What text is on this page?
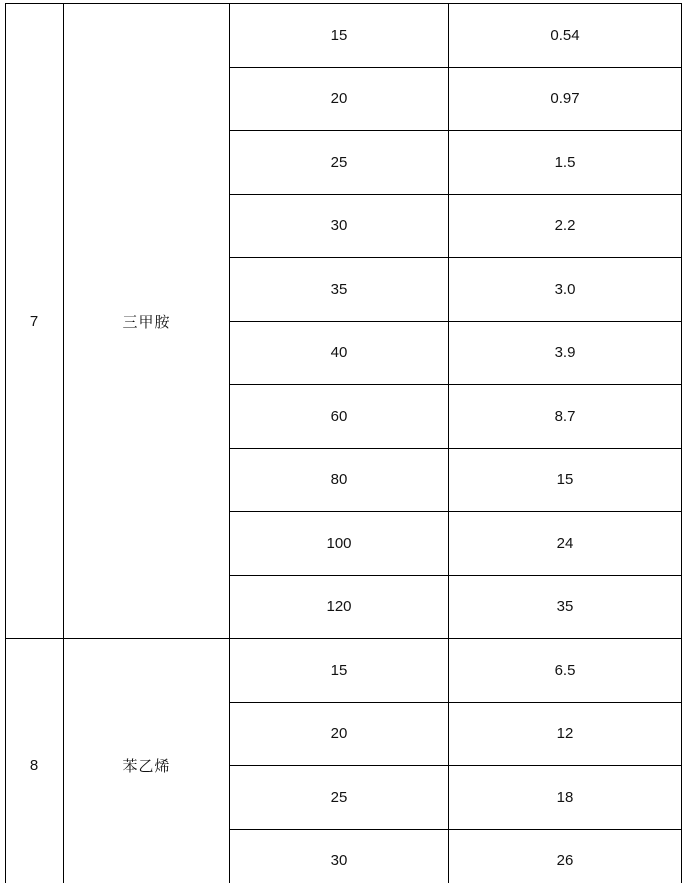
7	三甲胺	15	0.54
		20	0.97
		25	1.5
		30	2.2
		35	3.0
		40	3.9
		60	8.7
		80	15
		100	24
		120	35
8	苯乙烯	15	6.5
		20	12
		25	18
		30	26
